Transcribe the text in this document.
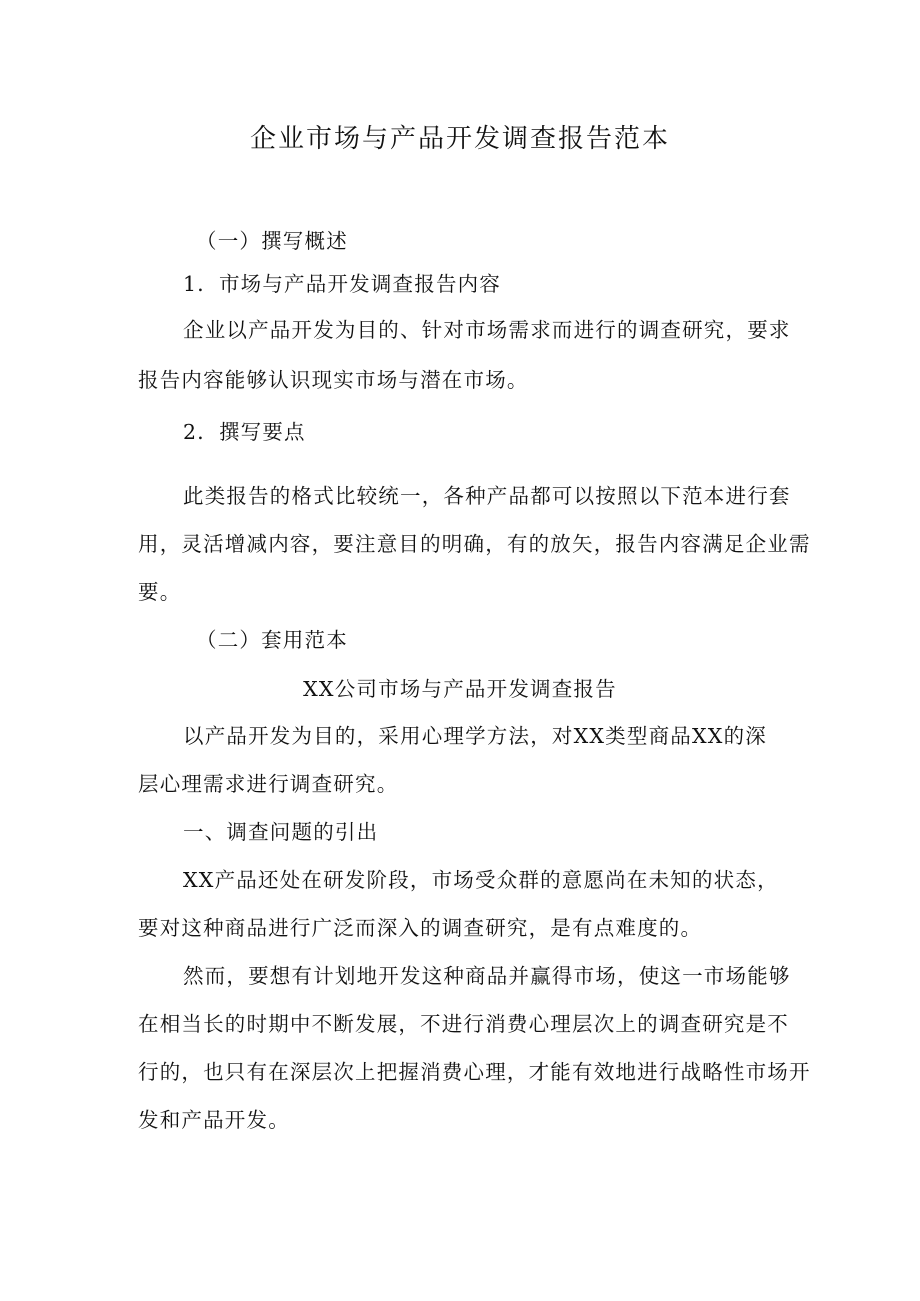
企业市场与产品开发调查报告范本
（一）撰写概述
1．市场与产品开发调查报告内容
企业以产品开发为目的、针对市场需求而进行的调查研究，要求
报告内容能够认识现实市场与潜在市场。
2．撰写要点
此类报告的格式比较统一，各种产品都可以按照以下范本进行套
用，灵活增减内容，要注意目的明确，有的放矢，报告内容满足企业需
要。
（二）套用范本
XX公司市场与产品开发调查报告
以产品开发为目的，采用心理学方法，对XX类型商品XX的深
层心理需求进行调查研究。
一、调查问题的引出
XX产品还处在研发阶段，市场受众群的意愿尚在未知的状态，
要对这种商品进行广泛而深入的调查研究，是有点难度的。
然而，要想有计划地开发这种商品并赢得市场，使这一市场能够
在相当长的时期中不断发展，不进行消费心理层次上的调查研究是不
行的，也只有在深层次上把握消费心理，才能有效地进行战略性市场开
发和产品开发。
